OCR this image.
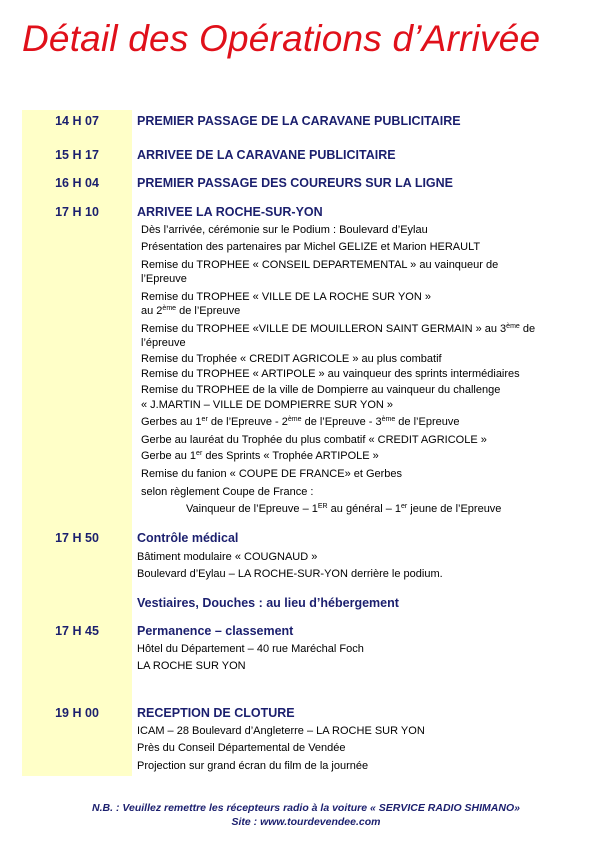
Détail des Opérations d’Arrivée
14 H 07	PREMIER PASSAGE DE LA CARAVANE PUBLICITAIRE
15 H 17	ARRIVEE DE LA CARAVANE PUBLICITAIRE
16 H 04	PREMIER PASSAGE DES COUREURS SUR LA LIGNE
17 H 10	ARRIVEE LA ROCHE-SUR-YON
Dès l’arrivée, cérémonie sur le Podium : Boulevard d’Eylau
Présentation des partenaires par Michel GELIZE et Marion HERAULT
Remise du TROPHEE « CONSEIL DEPARTEMENTAL » au vainqueur de
l’Epreuve
Remise du TROPHEE « VILLE DE LA ROCHE SUR YON »
au 2ème de l’Epreuve
Remise du TROPHEE «VILLE DE MOUILLERON SAINT GERMAIN » au 3ème de
l’épreuve
Remise du Trophée « CREDIT AGRICOLE » au plus combatif
Remise du TROPHEE « ARTIPOLE » au vainqueur des sprints intermédiaires
Remise du TROPHEE de la ville de Dompierre au vainqueur du challenge
« J.MARTIN – VILLE DE DOMPIERRE SUR YON »
Gerbes au 1er de l’Epreuve - 2ème de l’Epreuve - 3ème de l’Epreuve
Gerbe au lauréat du Trophée du plus combatif « CREDIT AGRICOLE »
Gerbe au 1er des Sprints « Trophée ARTIPOLE »
Remise du fanion « COUPE DE FRANCE» et Gerbes
selon règlement Coupe de France :
Vainqueur de l’Epreuve – 1ER au général – 1er jeune de l’Epreuve
17 H 50	Contrôle médical
Bâtiment modulaire « COUGNAUD »
Boulevard d’Eylau – LA ROCHE-SUR-YON derrière le podium.
Vestiaires, Douches : au lieu d’hébergement
17 H 45	Permanence – classement
Hôtel du Département – 40 rue Maréchal Foch
LA ROCHE SUR YON
19 H 00	RECEPTION DE CLOTURE
ICAM – 28 Boulevard d’Angleterre – LA ROCHE SUR YON
Près du Conseil Départemental de Vendée
Projection sur grand écran du film de la journée
N.B. : Veuillez remettre les récepteurs radio à la voiture « SERVICE RADIO SHIMANO»
Site : www.tourdevendee.com
